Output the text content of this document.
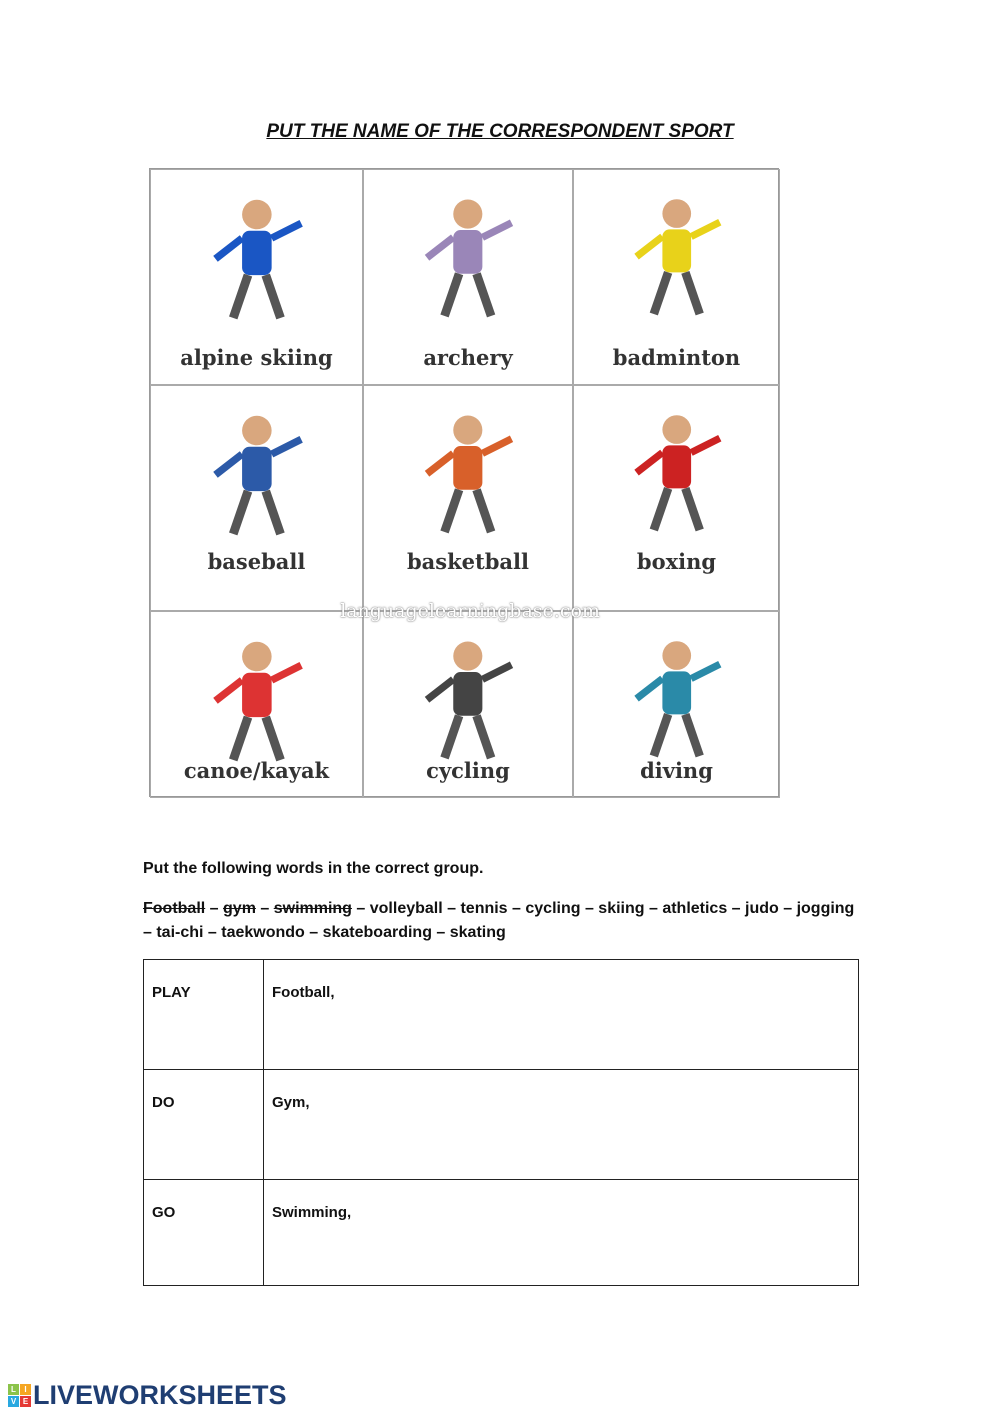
PUT THE NAME OF THE CORRESPONDENT SPORT
alpine skiing	archery	badminton
baseball	basketball	boxing
canoe/kayak	cycling	diving
languagelearningbase.com
Put the following words in the correct group.
Football – gym – swimming – volleyball – tennis – cycling – skiing – athletics – judo – jogging – tai-chi – taekwondo – skateboarding – skating
PLAY	Football,
DO	Gym,
GO	Swimming,
L	I
V E LIVEWORKSHEETS
